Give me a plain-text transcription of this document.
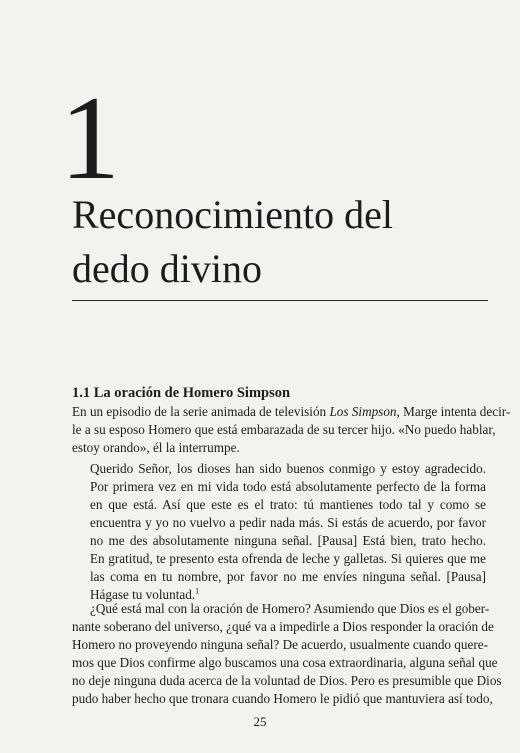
1
Reconocimiento del
dedo divino
1.1 La oración de Homero Simpson
En un episodio de la serie animada de televisión Los Simpson, Marge intenta decir-
le a su esposo Homero que está embarazada de su tercer hijo. «No puedo hablar,
estoy orando», él la interrumpe.
Querido Señor, los dioses han sido buenos conmigo y estoy agradecido.
Por primera vez en mi vida todo está absolutamente perfecto de la forma
en que está. Así que este es el trato: tú mantienes todo tal y como se
encuentra y yo no vuelvo a pedir nada más. Si estás de acuerdo, por favor
no me des absolutamente ninguna señal. [Pausa] Está bien, trato hecho.
En gratitud, te presento esta ofrenda de leche y galletas. Si quieres que me
las coma en tu nombre, por favor no me envíes ninguna señal. [Pausa]
Hágase tu voluntad.$^1$
¿Qué está mal con la oración de Homero? Asumiendo que Dios es el gober-
nante soberano del universo, ¿qué va a impedirle a Dios responder la oración de
Homero no proveyendo ninguna señal? De acuerdo, usualmente cuando quere-
mos que Dios confirme algo buscamos una cosa extraordinaria, alguna señal que
no deje ninguna duda acerca de la voluntad de Dios. Pero es presumible que Dios
pudo haber hecho que tronara cuando Homero le pidió que mantuviera así todo,

25
